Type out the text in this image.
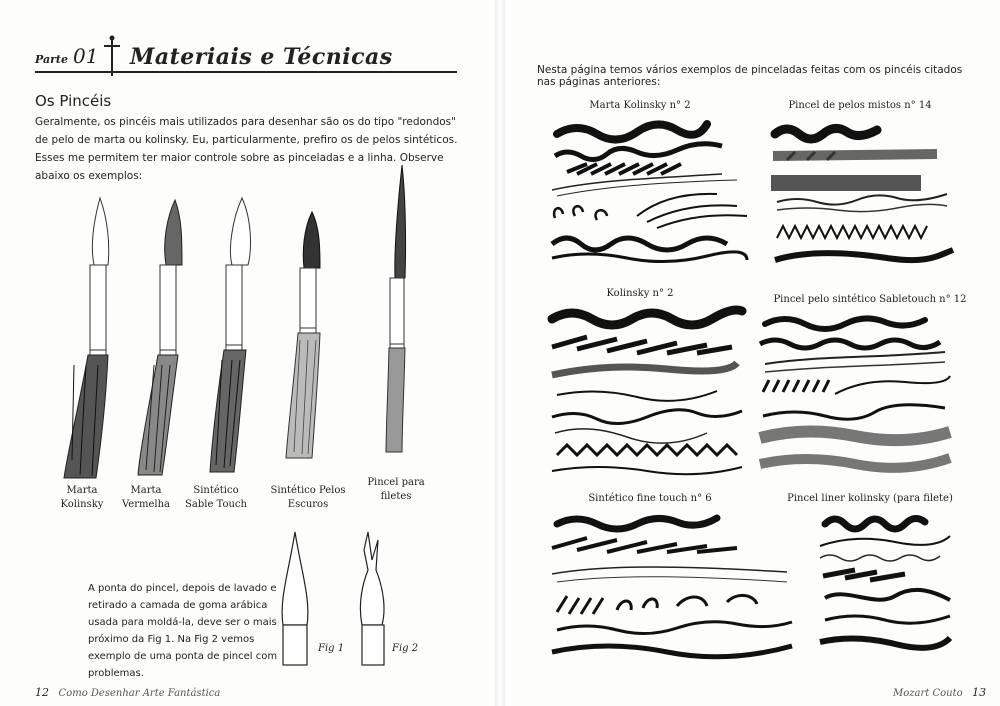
Parte 01 Materiais e Técnicas
Os Pincéis

Geralmente, os pincéis mais utilizados para desenhar são os do tipo "redondos" de pelo de marta ou kolinsky. Eu, particularmente, prefiro os de pelos sintéticos. Esses me permitem ter maior controle sobre as pinceladas e a linha. Observe abaixo os exemplos:

Marta
Kolinsky
Marta
Vermelha
Sintético
Sable Touch
Sintético Pelos
Escuros
Pincel para
filetes

A ponta do pincel, depois de lavado e retirado a camada de goma arábica usada para moldá-la, deve ser o mais próximo da Fig 1. Na Fig 2 vemos exemplo de uma ponta de pincel com problemas.

Fig 1	Fig 2
12 Como Desenhar Arte Fantástica

Nesta página temos vários exemplos de pinceladas feitas com os pincéis citados nas páginas anteriores:

Marta Kolinsky n° 2	Pincel de pelos mistos n° 14
Kolinsky n° 2
Pincel pelo sintético Sabletouch n° 12
Sintético fine touch n° 6	Pincel liner kolinsky (para filete)
Mozart Couto 13
